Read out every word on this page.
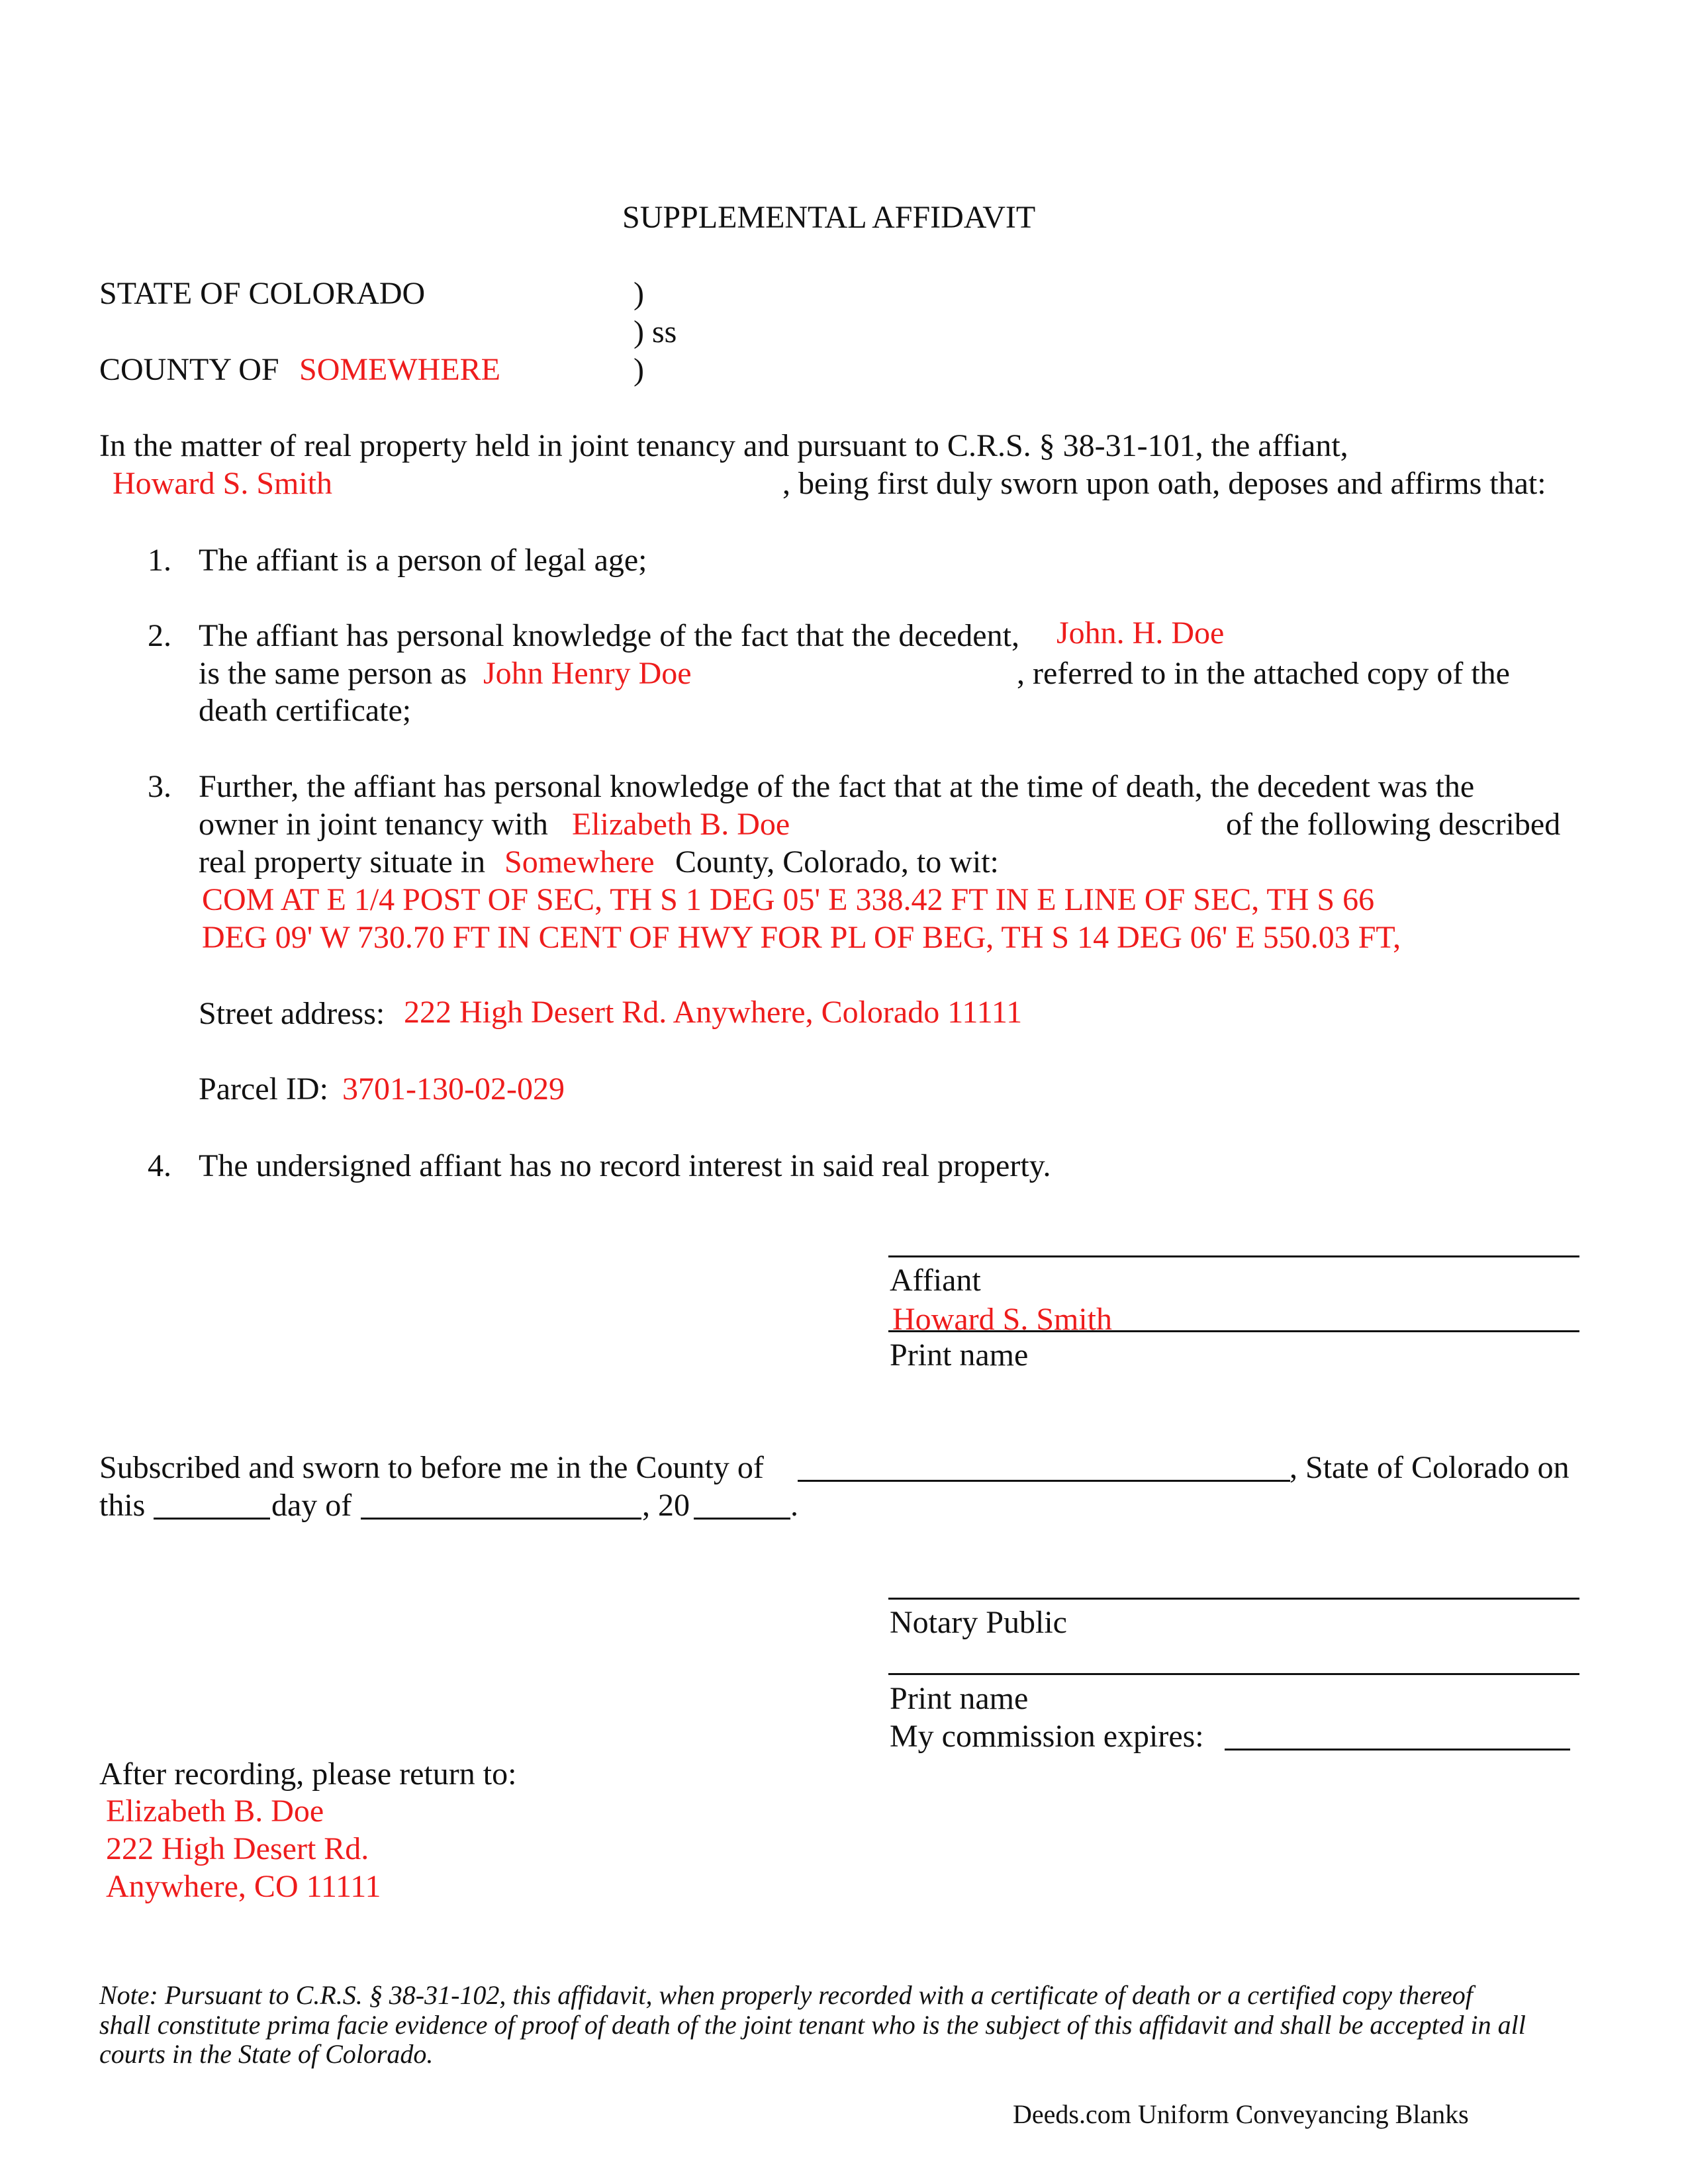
SUPPLEMENTAL AFFIDAVIT
STATE OF COLORADO	)
) ss
COUNTY OF SOMEWHERE	)
In the matter of real property held in joint tenancy and pursuant to C.R.S. § 38-31-101, the affiant,
Howard S. Smith	, being first duly sworn upon oath, deposes and affirms that:
1. The affiant is a person of legal age;
2. The affiant has personal knowledge of the fact that the decedent, John. H. Doe
is the same person as John Henry Doe	, referred to in the attached copy of the
death certificate;
3. Further, the affiant has personal knowledge of the fact that at the time of death, the decedent was the
owner in joint tenancy with Elizabeth B. Doe	of the following described
real property situate in Somewhere County, Colorado, to wit:
COM AT E 1/4 POST OF SEC, TH S 1 DEG 05' E 338.42 FT IN E LINE OF SEC, TH S 66
DEG 09' W 730.70 FT IN CENT OF HWY FOR PL OF BEG, TH S 14 DEG 06' E 550.03 FT,
Street address: 222 High Desert Rd. Anywhere, Colorado 11111
Parcel ID: 3701-130-02-029
4. The undersigned affiant has no record interest in said real property.
Affiant
Howard S. Smith
Print name
Subscribed and sworn to before me in the County of	, State of Colorado on
this	day of	, 20	.
Notary Public
Print name
My commission expires:
After recording, please return to:
Elizabeth B. Doe
222 High Desert Rd.
Anywhere, CO 11111
Note: Pursuant to C.R.S. § 38-31-102, this affidavit, when properly recorded with a certificate of death or a certified copy thereof
shall constitute prima facie evidence of proof of death of the joint tenant who is the subject of this affidavit and shall be accepted in all
courts in the State of Colorado.
Deeds.com Uniform Conveyancing Blanks
